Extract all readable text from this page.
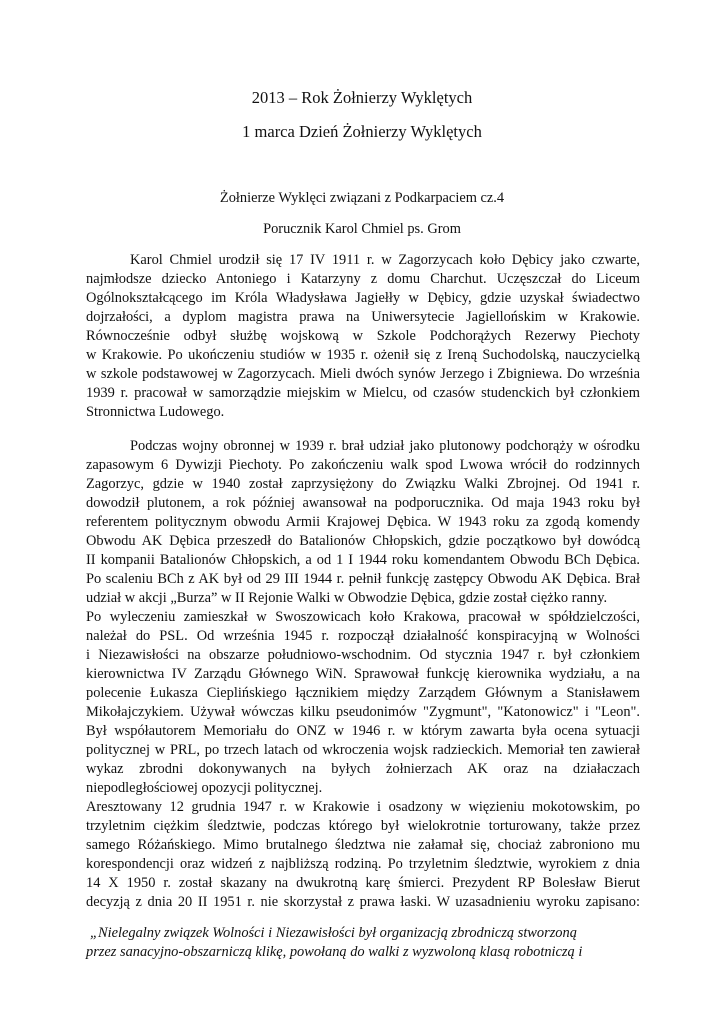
2013 – Rok Żołnierzy Wyklętych
1 marca Dzień Żołnierzy Wyklętych
Żołnierze Wyklęci związani z Podkarpaciem cz.4
Porucznik Karol Chmiel ps. Grom
Karol Chmiel urodził się 17 IV 1911 r. w Zagorzycach koło Dębicy jako czwarte,
najmłodsze dziecko Antoniego i Katarzyny z domu Charchut. Uczęszczał do Liceum
Ogólnokształcącego im Króla Władysława Jagiełły w Dębicy, gdzie uzyskał świadectwo
dojrzałości, a dyplom magistra prawa na Uniwersytecie Jagiellońskim w Krakowie.
Równocześnie odbył służbę wojskową w Szkole Podchorążych Rezerwy Piechoty
w Krakowie. Po ukończeniu studiów w 1935 r. ożenił się z Ireną Suchodolską, nauczycielką
w szkole podstawowej w Zagorzycach. Mieli dwóch synów Jerzego i Zbigniewa. Do września
1939 r. pracował w samorządzie miejskim w Mielcu, od czasów studenckich był członkiem
Stronnictwa Ludowego.
Podczas wojny obronnej w 1939 r. brał udział jako plutonowy podchorąży w ośrodku
zapasowym 6 Dywizji Piechoty. Po zakończeniu walk spod Lwowa wrócił do rodzinnych
Zagorzyc, gdzie w 1940 został zaprzysiężony do Związku Walki Zbrojnej. Od 1941 r.
dowodził plutonem, a rok później awansował na podporucznika. Od maja 1943 roku był
referentem politycznym obwodu Armii Krajowej Dębica. W 1943 roku za zgodą komendy
Obwodu AK Dębica przeszedł do Batalionów Chłopskich, gdzie początkowo był dowódcą
II kompanii Batalionów Chłopskich, a od 1 I 1944 roku komendantem Obwodu BCh Dębica.
Po scaleniu BCh z AK był od 29 III 1944 r. pełnił funkcję zastępcy Obwodu AK Dębica. Brał
udział w akcji „Burza” w II Rejonie Walki w Obwodzie Dębica, gdzie został ciężko ranny.
Po wyleczeniu zamieszkał w Swoszowicach koło Krakowa, pracował w spółdzielczości,
należał do PSL. Od września 1945 r. rozpoczął działalność konspiracyjną w Wolności
i Niezawisłości na obszarze południowo-wschodnim. Od stycznia 1947 r. był członkiem
kierownictwa IV Zarządu Głównego WiN. Sprawował funkcję kierownika wydziału, a na
polecenie Łukasza Cieplińskiego łącznikiem między Zarządem Głównym a Stanisławem
Mikołajczykiem. Używał wówczas kilku pseudonimów "Zygmunt", "Katonowicz" i "Leon".
Był współautorem Memoriału do ONZ w 1946 r. w którym zawarta była ocena sytuacji
politycznej w PRL, po trzech latach od wkroczenia wojsk radzieckich. Memoriał ten zawierał
wykaz zbrodni dokonywanych na byłych żołnierzach AK oraz na działaczach
niepodległościowej opozycji politycznej.
Aresztowany 12 grudnia 1947 r. w Krakowie i osadzony w więzieniu mokotowskim, po
trzyletnim ciężkim śledztwie, podczas którego był wielokrotnie torturowany, także przez
samego Różańskiego. Mimo brutalnego śledztwa nie załamał się, chociaż zabroniono mu
korespondencji oraz widzeń z najbliższą rodziną. Po trzyletnim śledztwie, wyrokiem z dnia
14 X 1950 r. został skazany na dwukrotną karę śmierci. Prezydent RP Bolesław Bierut
decyzją z dnia 20 II 1951 r. nie skorzystał z prawa łaski. W uzasadnieniu wyroku zapisano:
„Nielegalny związek Wolności i Niezawisłości był organizacją zbrodniczą stworzoną
przez sanacyjno-obszarniczą klikę, powołaną do walki z wyzwoloną klasą robotniczą i
